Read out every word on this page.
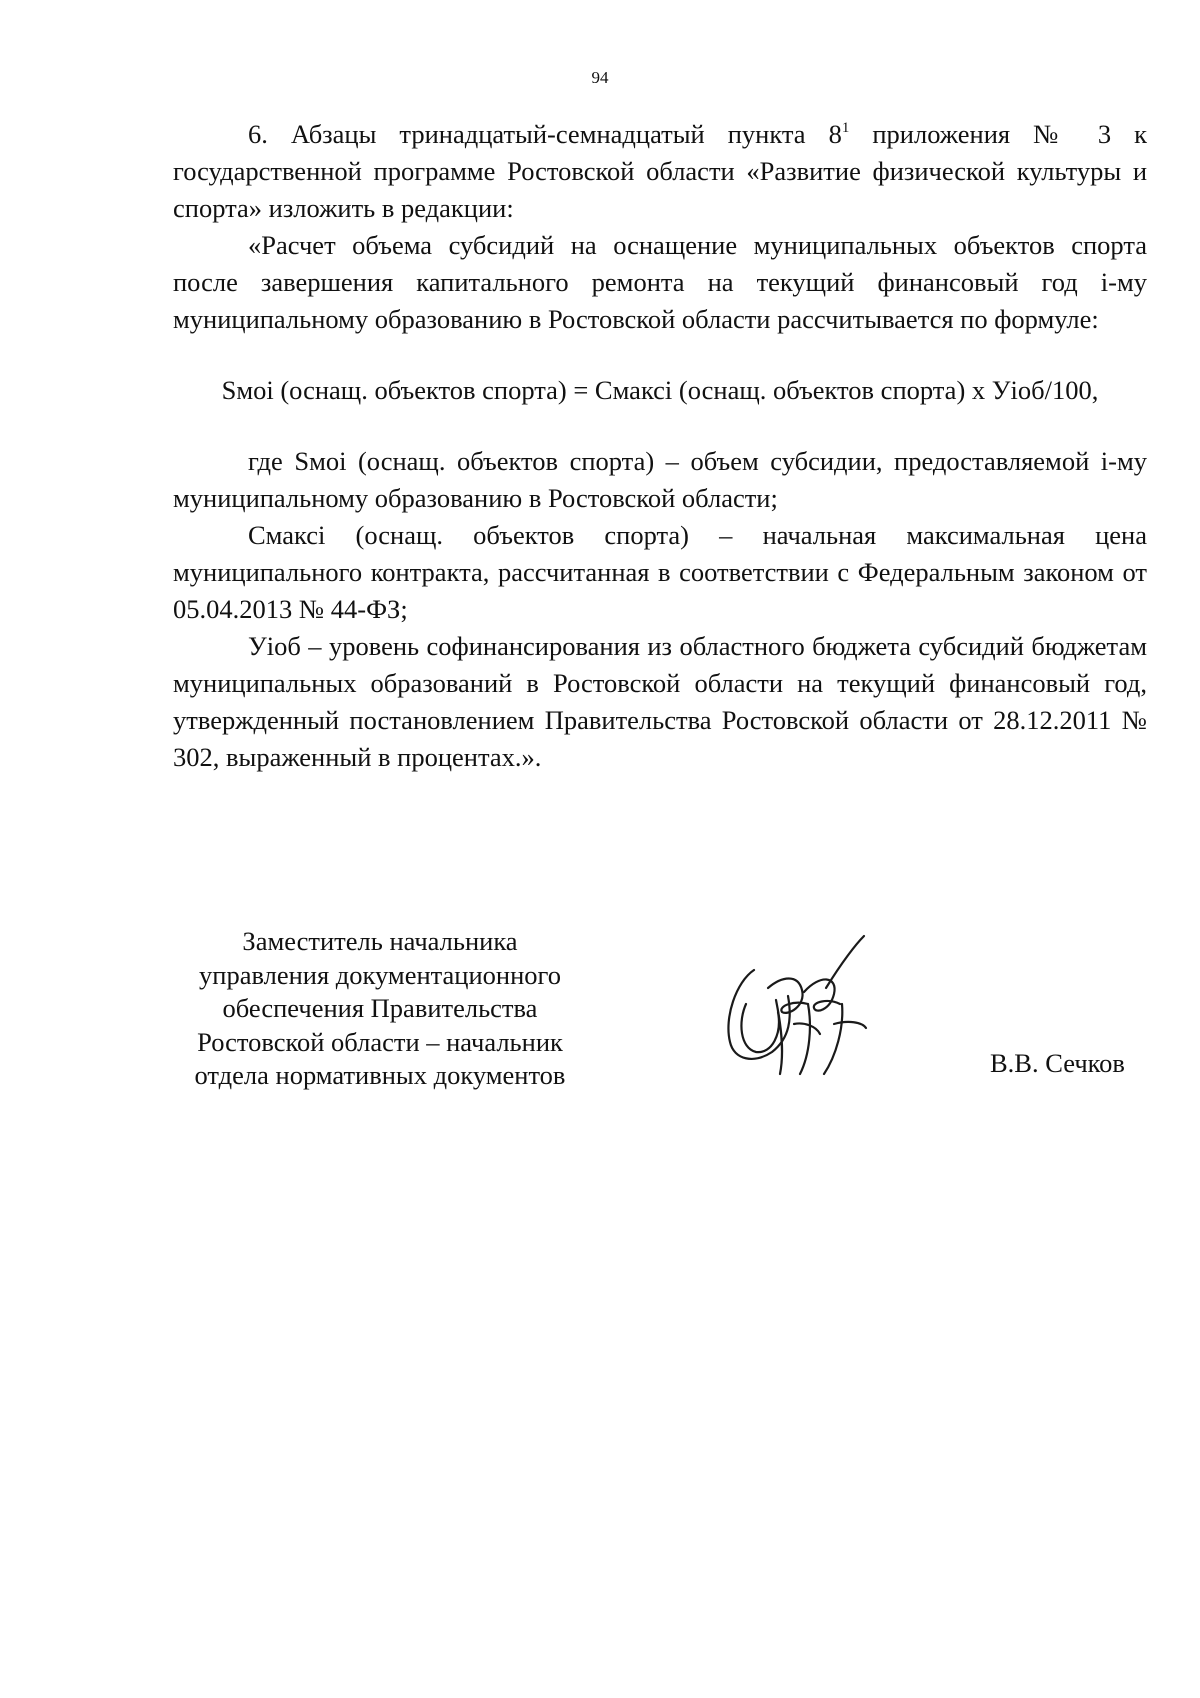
94

6. Абзацы тринадцатый-семнадцатый пункта $8^1$ приложения № 3 к государственной программе Ростовской области «Развитие физической культуры и спорта» изложить в редакции:

«Расчет объема субсидий на оснащение муниципальных объектов спорта после завершения капитального ремонта на текущий финансовый год i-му муниципальному образованию в Ростовской области рассчитывается по формуле:

Sмоi (оснащ. объектов спорта) = Смаксi (оснащ. объектов спорта) х Уioб/100,

где Sмоi (оснащ. объектов спорта) – объем субсидии, предоставляемой i-му муниципальному образованию в Ростовской области;

Смаксi (оснащ. объектов спорта) – начальная максимальная цена муниципального контракта, рассчитанная в соответствии с Федеральным законом от 05.04.2013 № 44-ФЗ;

Уioб – уровень софинансирования из областного бюджета субсидий бюджетам муниципальных образований в Ростовской области на текущий финансовый год, утвержденный постановлением Правительства Ростовской области от 28.12.2011 № 302, выраженный в процентах.».

Заместитель начальника
управления документационного
обеспечения Правительства
Ростовской области – начальник
отдела нормативных документов	В.В. Сечков
